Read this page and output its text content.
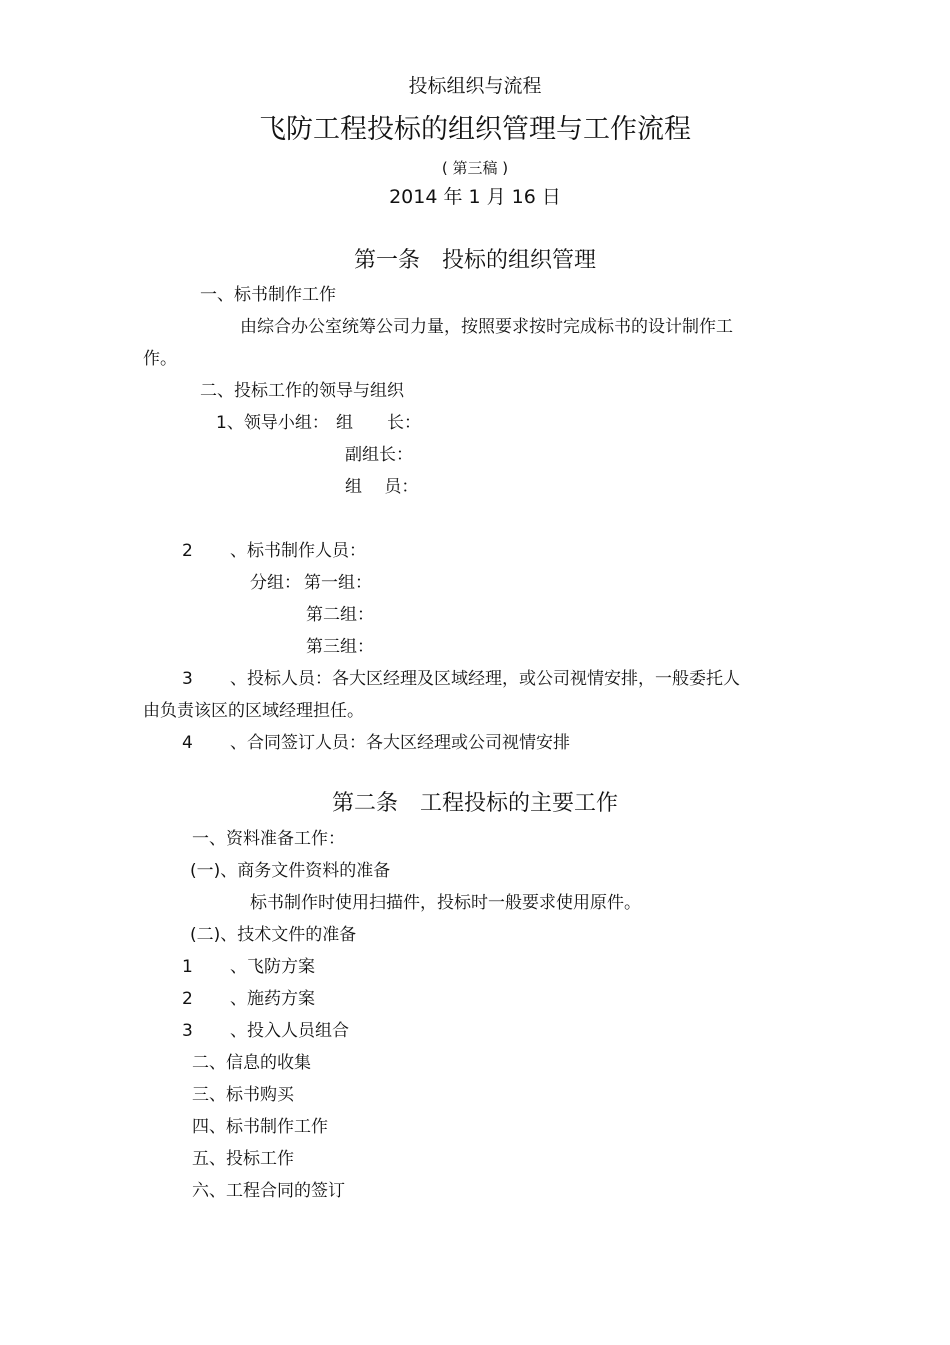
投标组织与流程
飞防工程投标的组织管理与工作流程
( 第三稿 )
2014 年 1 月 16 日
第一条　投标的组织管理
一、标书制作工作
由综合办公室统筹公司力量，按照要求按时完成标书的设计制作工
作。
二、投标工作的领导与组织
1、领导小组： 组　　长：
副组长：
组　 员：
2 、标书制作人员：
分组： 第一组：
第二组：
第三组：
3 、投标人员：各大区经理及区域经理，或公司视情安排，一般委托人
由负责该区的区域经理担任。
4 、合同签订人员：各大区经理或公司视情安排
第二条　工程投标的主要工作
一、资料准备工作：
(一)、商务文件资料的准备
标书制作时使用扫描件，投标时一般要求使用原件。
(二)、技术文件的准备
1 、飞防方案
2 、施药方案
3 、投入人员组合
二、信息的收集
三、标书购买
四、标书制作工作
五、投标工作
六、工程合同的签订
